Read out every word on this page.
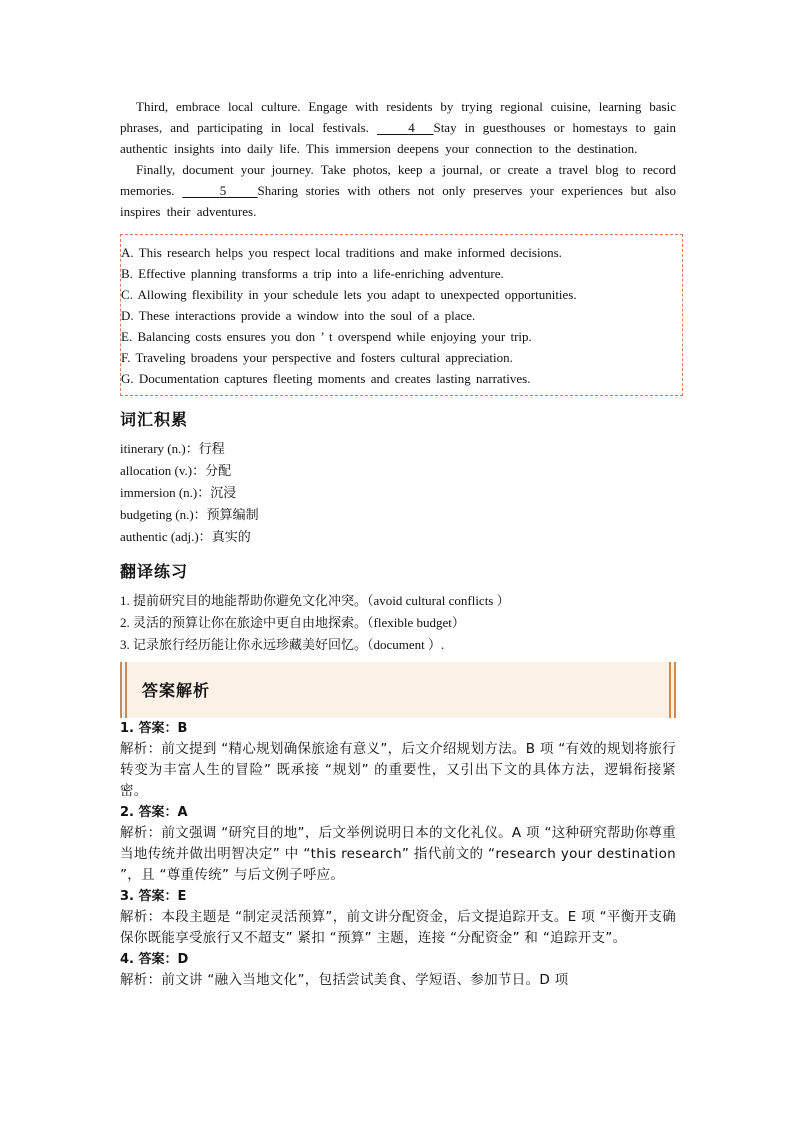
Third, embrace local culture. Engage with residents by trying regional cuisine, learning basic phrases, and participating in local festivals.	4 Stay in guesthouses or homestays to gain authentic insights into daily life. This immersion deepens your connection to the destination.

Finally, document your journey. Take photos, keep a journal, or create a travel blog to record memories.	5 Sharing stories with others not only preserves your experiences but also inspires their adventures.

A. This research helps you respect local traditions and make informed decisions.
B. Effective planning transforms a trip into a life-enriching adventure.
C. Allowing flexibility in your schedule lets you adapt to unexpected opportunities.
D. These interactions provide a window into the soul of a place.
E. Balancing costs ensures you don ’ t overspend while enjoying your trip.
F. Traveling broadens your perspective and fosters cultural appreciation.
G. Documentation captures fleeting moments and creates lasting narratives.
词汇积累
itinerary (n.)：行程
allocation (v.)：分配
immersion (n.)：沉浸
budgeting (n.)：预算编制
authentic (adj.)：真实的
翻译练习
1. 提前研究目的地能帮助你避免文化冲突。（avoid cultural conflicts ）
2. 灵活的预算让你在旅途中更自由地探索。（flexible budget）
3. 记录旅行经历能让你永远珍藏美好回忆。（document ）.
答案解析
1. 答案：B
解析：前文提到 “精心规划确保旅途有意义”，后文介绍规划方法。B 项 “有效的规划将旅行转变为丰富人生的冒险” 既承接 “规划” 的重要性，又引出下文的具体方法，逻辑衔接紧密。
2. 答案：A
解析：前文强调 “研究目的地”，后文举例说明日本的文化礼仪。A 项 “这种研究帮助你尊重当地传统并做出明智决定” 中 “this research” 指代前文的 “research your destination ”，且 “尊重传统” 与后文例子呼应。
3. 答案：E
解析：本段主题是 “制定灵活预算”，前文讲分配资金，后文提追踪开支。E 项 “平衡开支确保你既能享受旅行又不超支” 紧扣 “预算” 主题，连接 “分配资金” 和 “追踪开支”。
4. 答案：D
解析：前文讲 “融入当地文化”，包括尝试美食、学短语、参加节日。D 项
